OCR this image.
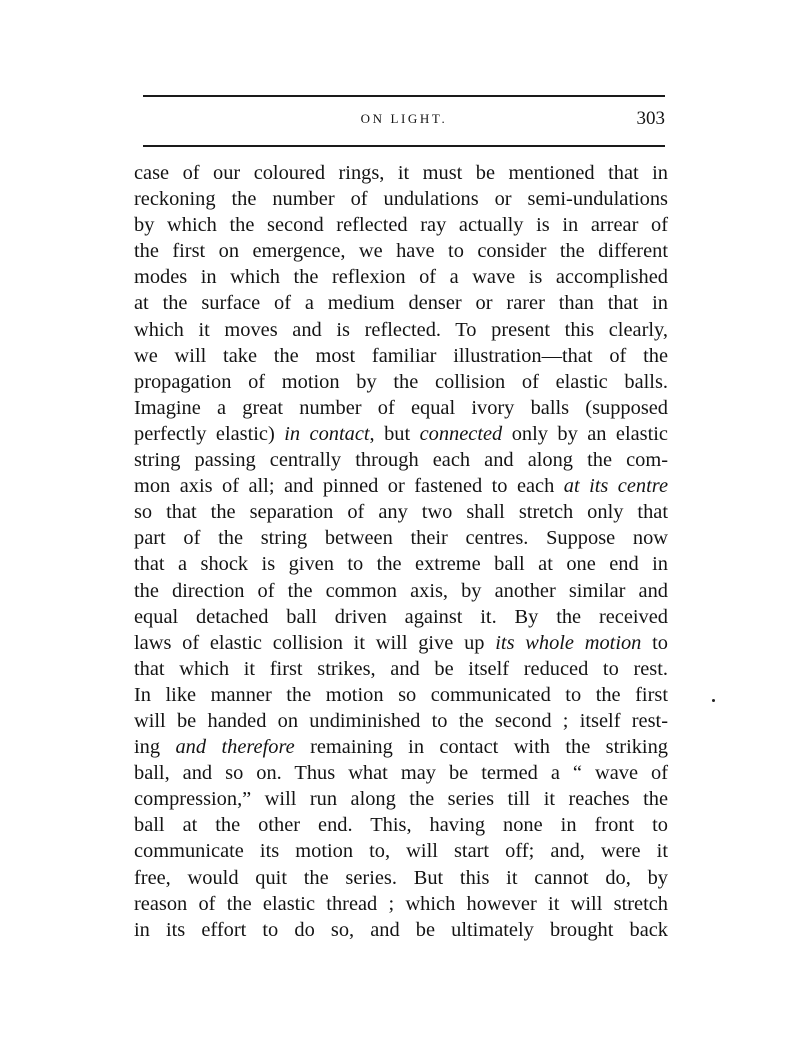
ON LIGHT.	303
case of our coloured rings, it must be mentioned that in
reckoning the number of undulations or semi-undulations
by which the second reflected ray actually is in arrear of
the first on emergence, we have to consider the different
modes in which the reflexion of a wave is accomplished
at the surface of a medium denser or rarer than that in
which it moves and is reflected. To present this clearly,
we will take the most familiar illustration—that of the
propagation of motion by the collision of elastic balls.
Imagine a great number of equal ivory balls (supposed
perfectly elastic) in contact, but connected only by an elastic
string passing centrally through each and along the com-
mon axis of all; and pinned or fastened to each at its centre
so that the separation of any two shall stretch only that
part of the string between their centres. Suppose now
that a shock is given to the extreme ball at one end in
the direction of the common axis, by another similar and
equal detached ball driven against it. By the received
laws of elastic collision it will give up its whole motion to
that which it first strikes, and be itself reduced to rest.
In like manner the motion so communicated to the first
will be handed on undiminished to the second ; itself rest-
ing and therefore remaining in contact with the striking
ball, and so on. Thus what may be termed a “ wave of
compression,” will run along the series till it reaches the
ball at the other end. This, having none in front to
communicate its motion to, will start off; and, were it
free, would quit the series. But this it cannot do, by
reason of the elastic thread ; which however it will stretch
in its effort to do so, and be ultimately brought back
